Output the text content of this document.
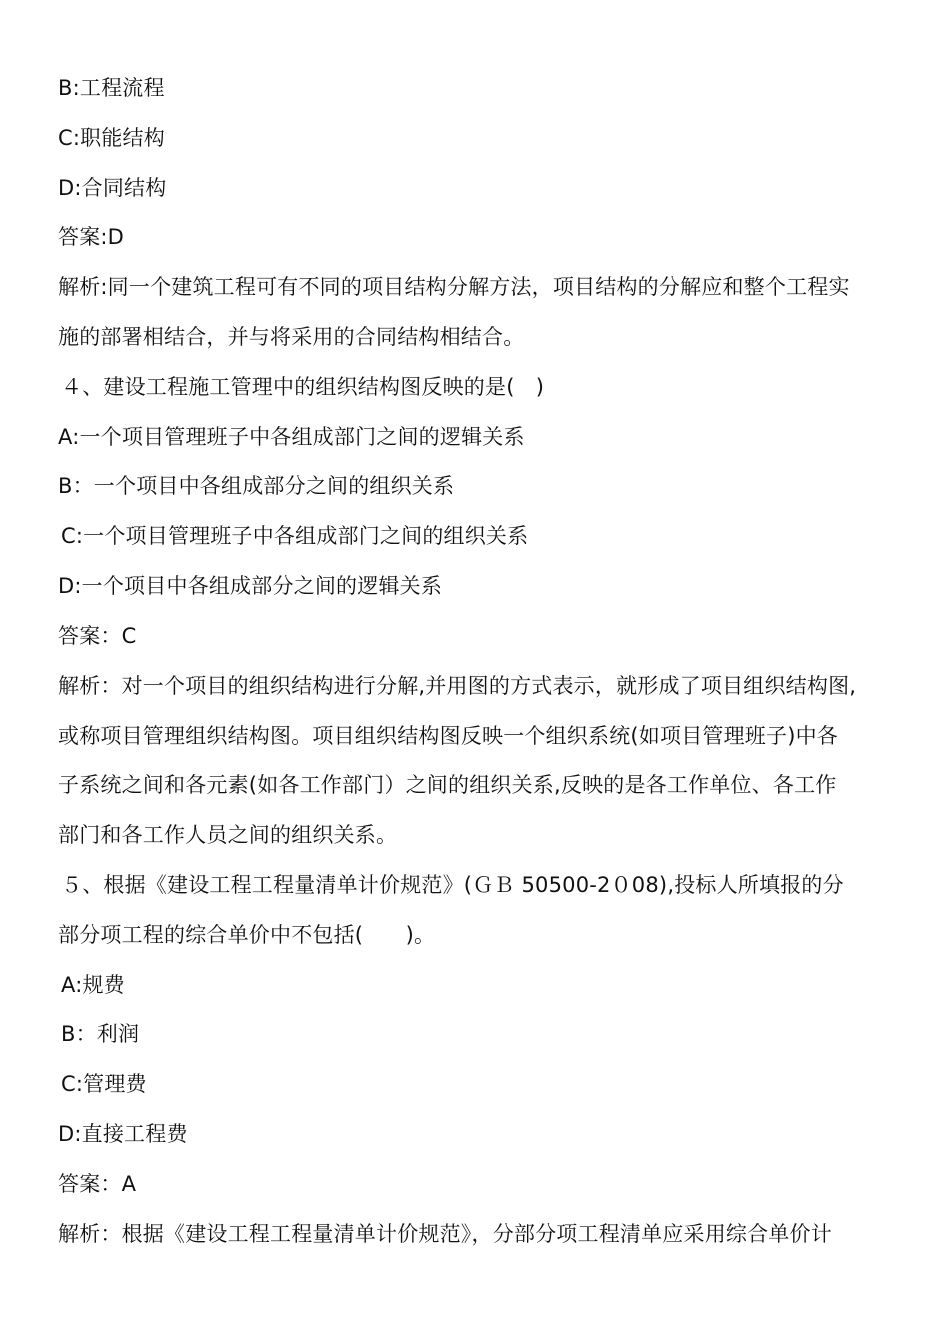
B:工程流程
C:职能结构
D:合同结构
答案:D
解析:同一个建筑工程可有不同的项目结构分解方法，项目结构的分解应和整个工程实
施的部署相结合，并与将采用的合同结构相结合。
４、建设工程施工管理中的组织结构图反映的是(　)
A:一个项目管理班子中各组成部门之间的逻辑关系
B：一个项目中各组成部分之间的组织关系
C:一个项目管理班子中各组成部门之间的组织关系
D:一个项目中各组成部分之间的逻辑关系
答案：C
解析：对一个项目的组织结构进行分解,并用图的方式表示，就形成了项目组织结构图,
或称项目管理组织结构图。项目组织结构图反映一个组织系统(如项目管理班子)中各
子系统之间和各元素(如各工作部门）之间的组织关系,反映的是各工作单位、各工作
部门和各工作人员之间的组织关系。
５、根据《建设工程工程量清单计价规范》(ＧＢ 50500-2０08),投标人所填报的分
部分项工程的综合单价中不包括(　　)。
A:规费
B：利润
C:管理费
D:直接工程费
答案：A
解析：根据《建设工程工程量清单计价规范》，分部分项工程清单应采用综合单价计
